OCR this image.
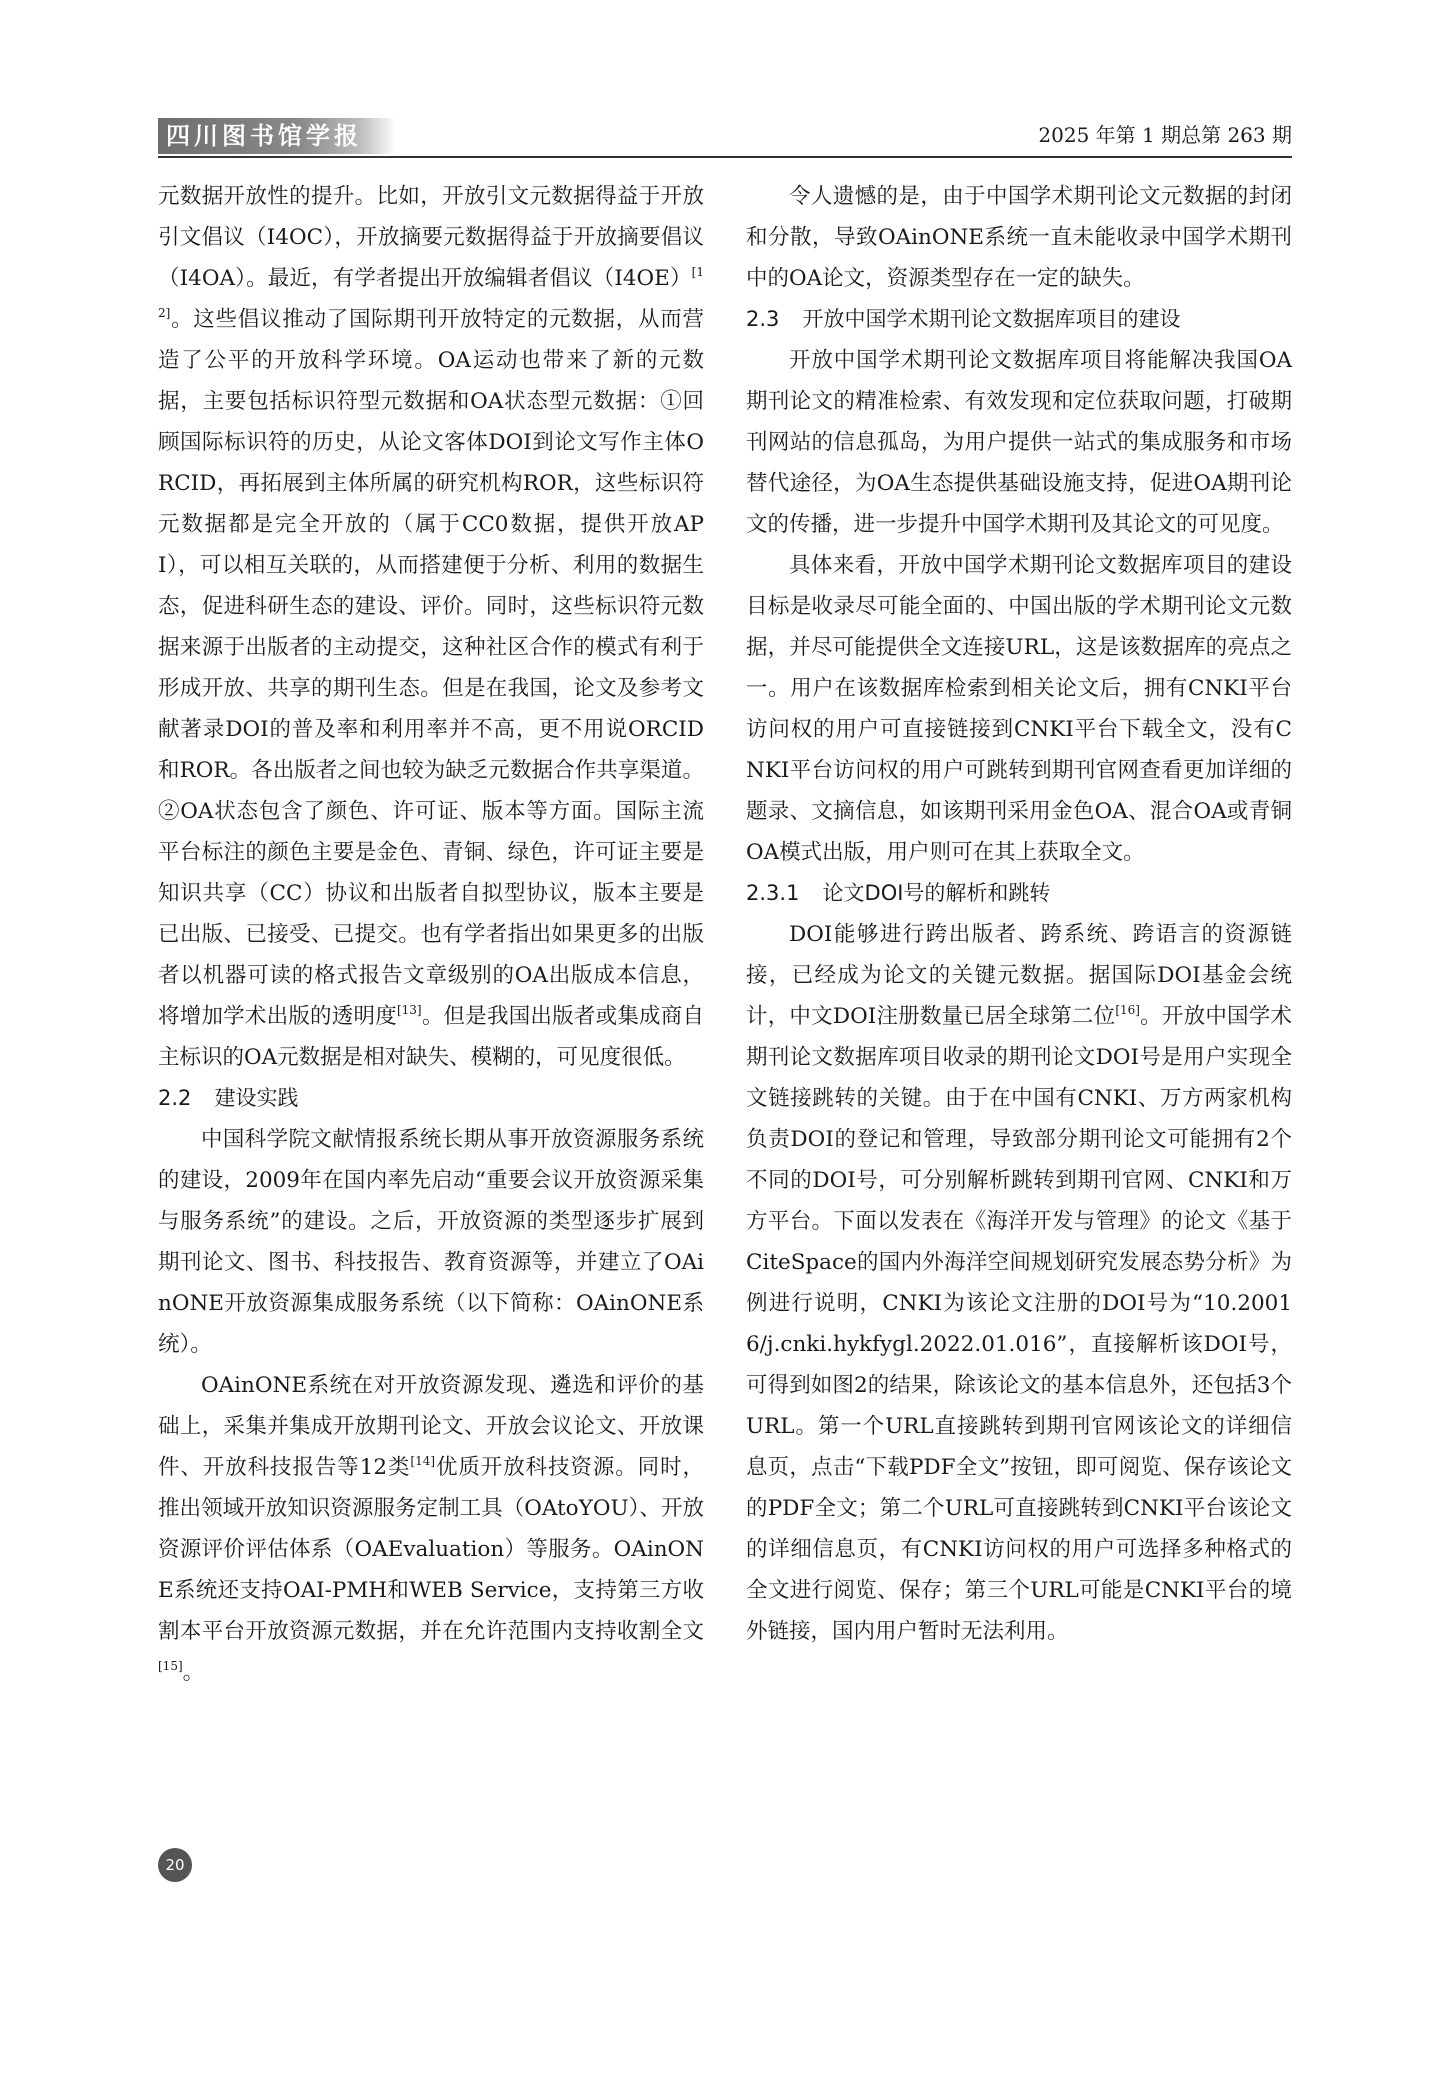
四川图书馆学报	2025 年第 1 期总第 263 期

元数据开放性的提升。比如，开放引文元数据得益于开放引文倡议（I4OC），开放摘要元数据得益于开放摘要倡议（I4OA）。最近，有学者提出开放编辑者倡议（I4OE）[12]。这些倡议推动了国际期刊开放特定的元数据，从而营造了公平的开放科学环境。OA运动也带来了新的元数据，主要包括标识符型元数据和OA状态型元数据：①回顾国际标识符的历史，从论文客体DOI到论文写作主体ORCID，再拓展到主体所属的研究机构ROR，这些标识符元数据都是完全开放的（属于CC0数据，提供开放API），可以相互关联的，从而搭建便于分析、利用的数据生态，促进科研生态的建设、评价。同时，这些标识符元数据来源于出版者的主动提交，这种社区合作的模式有利于形成开放、共享的期刊生态。但是在我国，论文及参考文献著录DOI的普及率和利用率并不高，更不用说ORCID和ROR。各出版者之间也较为缺乏元数据合作共享渠道。②OA状态包含了颜色、许可证、版本等方面。国际主流平台标注的颜色主要是金色、青铜、绿色，许可证主要是知识共享（CC）协议和出版者自拟型协议，版本主要是已出版、已接受、已提交。也有学者指出如果更多的出版者以机器可读的格式报告文章级别的OA出版成本信息，将增加学术出版的透明度[13]。但是我国出版者或集成商自主标识的OA元数据是相对缺失、模糊的，可见度很低。

2.2 建设实践

中国科学院文献情报系统长期从事开放资源服务系统的建设，2009年在国内率先启动“重要会议开放资源采集与服务系统”的建设。之后，开放资源的类型逐步扩展到期刊论文、图书、科技报告、教育资源等，并建立了OAinONE开放资源集成服务系统（以下简称：OAinONE系统）。

OAinONE系统在对开放资源发现、遴选和评价的基础上，采集并集成开放期刊论文、开放会议论文、开放课件、开放科技报告等12类[14]优质开放科技资源。同时，推出领域开放知识资源服务定制工具（OAtoYOU）、开放资源评价评估体系（OAEvaluation）等服务。OAinONE系统还支持OAI-PMH和WEB Service，支持第三方收割本平台开放资源元数据，并在允许范围内支持收割全文[15]。

令人遗憾的是，由于中国学术期刊论文元数据的封闭和分散，导致OAinONE系统一直未能收录中国学术期刊中的OA论文，资源类型存在一定的缺失。

2.3 开放中国学术期刊论文数据库项目的建设

开放中国学术期刊论文数据库项目将能解决我国OA期刊论文的精准检索、有效发现和定位获取问题，打破期刊网站的信息孤岛，为用户提供一站式的集成服务和市场替代途径，为OA生态提供基础设施支持，促进OA期刊论文的传播，进一步提升中国学术期刊及其论文的可见度。

具体来看，开放中国学术期刊论文数据库项目的建设目标是收录尽可能全面的、中国出版的学术期刊论文元数据，并尽可能提供全文连接URL，这是该数据库的亮点之一。用户在该数据库检索到相关论文后，拥有CNKI平台访问权的用户可直接链接到CNKI平台下载全文，没有CNKI平台访问权的用户可跳转到期刊官网查看更加详细的题录、文摘信息，如该期刊采用金色OA、混合OA或青铜OA模式出版，用户则可在其上获取全文。

2.3.1 论文DOI号的解析和跳转

DOI能够进行跨出版者、跨系统、跨语言的资源链接，已经成为论文的关键元数据。据国际DOI基金会统计，中文DOI注册数量已居全球第二位[16]。开放中国学术期刊论文数据库项目收录的期刊论文DOI号是用户实现全文链接跳转的关键。由于在中国有CNKI、万方两家机构负责DOI的登记和管理，导致部分期刊论文可能拥有2个不同的DOI号，可分别解析跳转到期刊官网、CNKI和万方平台。下面以发表在《海洋开发与管理》的论文《基于CiteSpace的国内外海洋空间规划研究发展态势分析》为例进行说明，CNKI为该论文注册的DOI号为“10.20016/j.cnki.hykfygl.2022.01.016”，直接解析该DOI号，可得到如图2的结果，除该论文的基本信息外，还包括3个URL。第一个URL直接跳转到期刊官网该论文的详细信息页，点击“下载PDF全文”按钮，即可阅览、保存该论文的PDF全文；第二个URL可直接跳转到CNKI平台该论文的详细信息页，有CNKI访问权的用户可选择多种格式的全文进行阅览、保存；第三个URL可能是CNKI平台的境外链接，国内用户暂时无法利用。

20
